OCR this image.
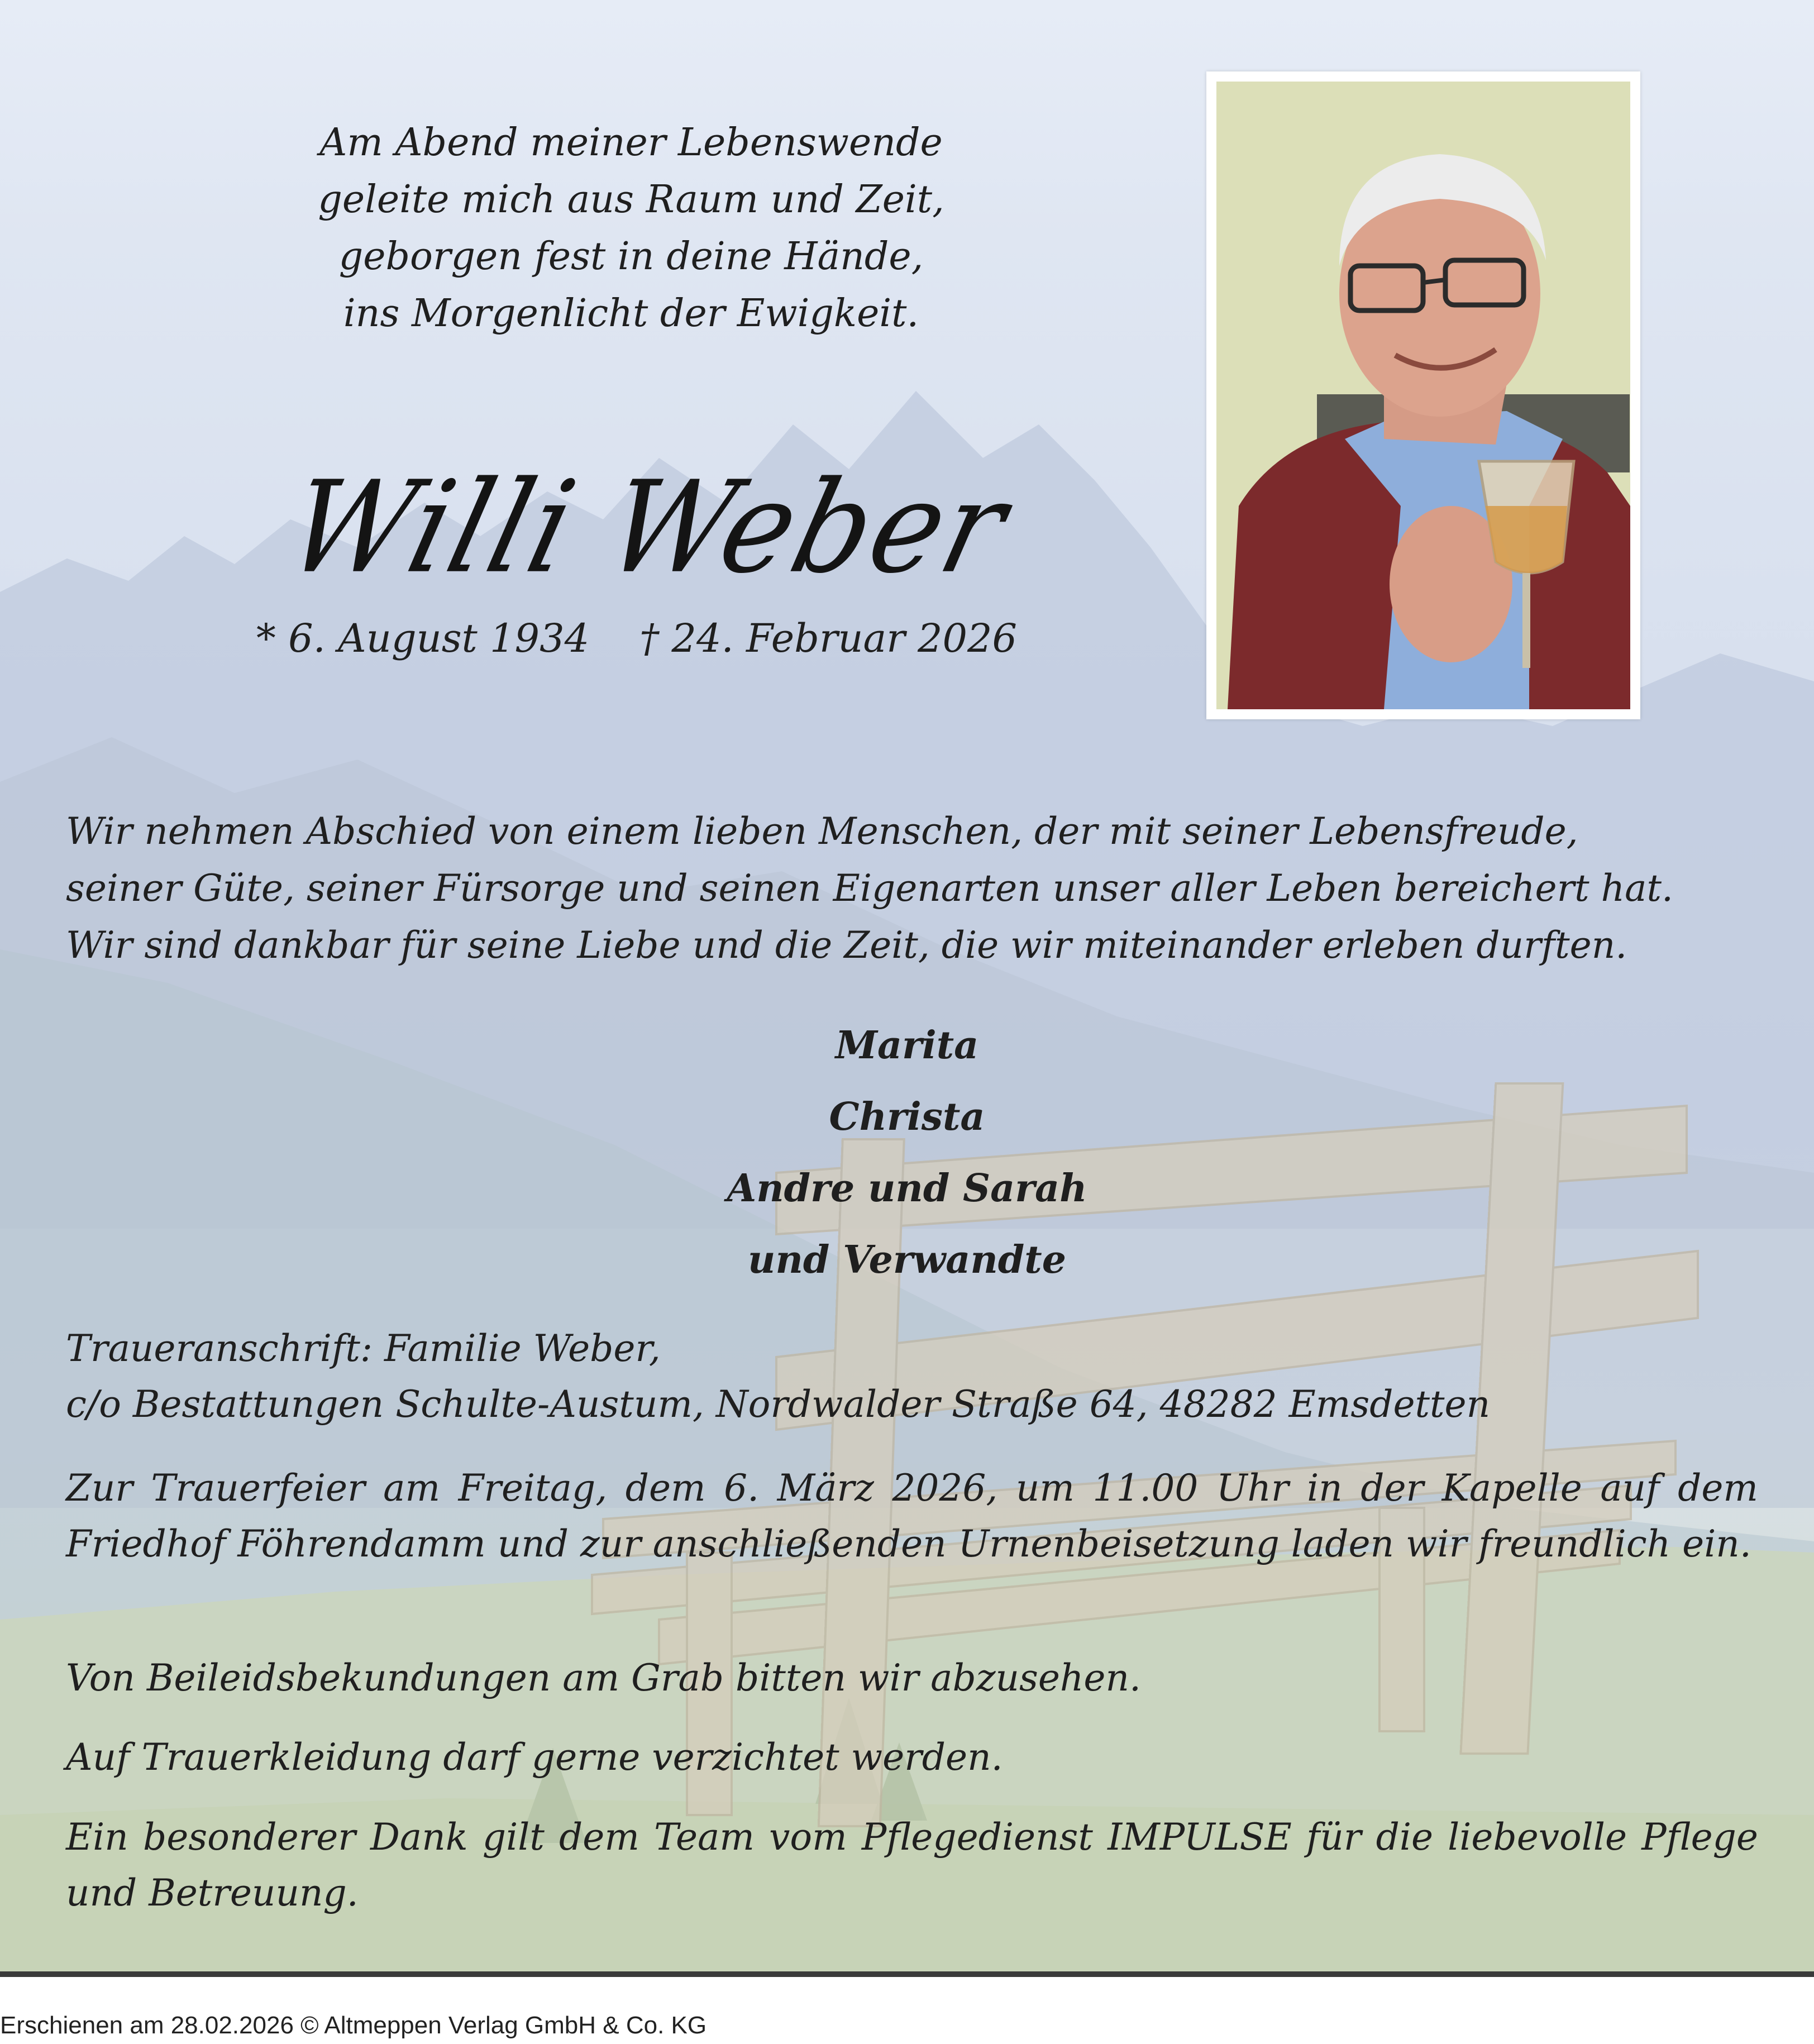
Am Abend meiner Lebenswende
geleite mich aus Raum und Zeit,
geborgen fest in deine Hände,
ins Morgenlicht der Ewigkeit.
Willi Weber
* 6. August 1934 † 24. Februar 2026
Wir nehmen Abschied von einem lieben Menschen, der mit seiner Lebensfreude,
seiner Güte, seiner Fürsorge und seinen Eigenarten unser aller Leben bereichert hat.
Wir sind dankbar für seine Liebe und die Zeit, die wir miteinander erleben durften.
Marita
Christa
Andre und Sarah
und Verwandte
Traueranschrift: Familie Weber,
c/o Bestattungen Schulte-Austum, Nordwalder Straße 64, 48282 Emsdetten
Zur Trauerfeier am Freitag, dem 6. März 2026, um 11.00 Uhr in der Kapelle auf dem Friedhof Föhrendamm und zur anschließenden Urnenbeisetzung laden wir freundlich ein.
Von Beileidsbekundungen am Grab bitten wir abzusehen.
Auf Trauerkleidung darf gerne verzichtet werden.
Ein besonderer Dank gilt dem Team vom Pflegedienst IMPULSE für die liebevolle Pflege und Betreuung.
Erschienen am 28.02.2026 © Altmeppen Verlag GmbH & Co. KG
